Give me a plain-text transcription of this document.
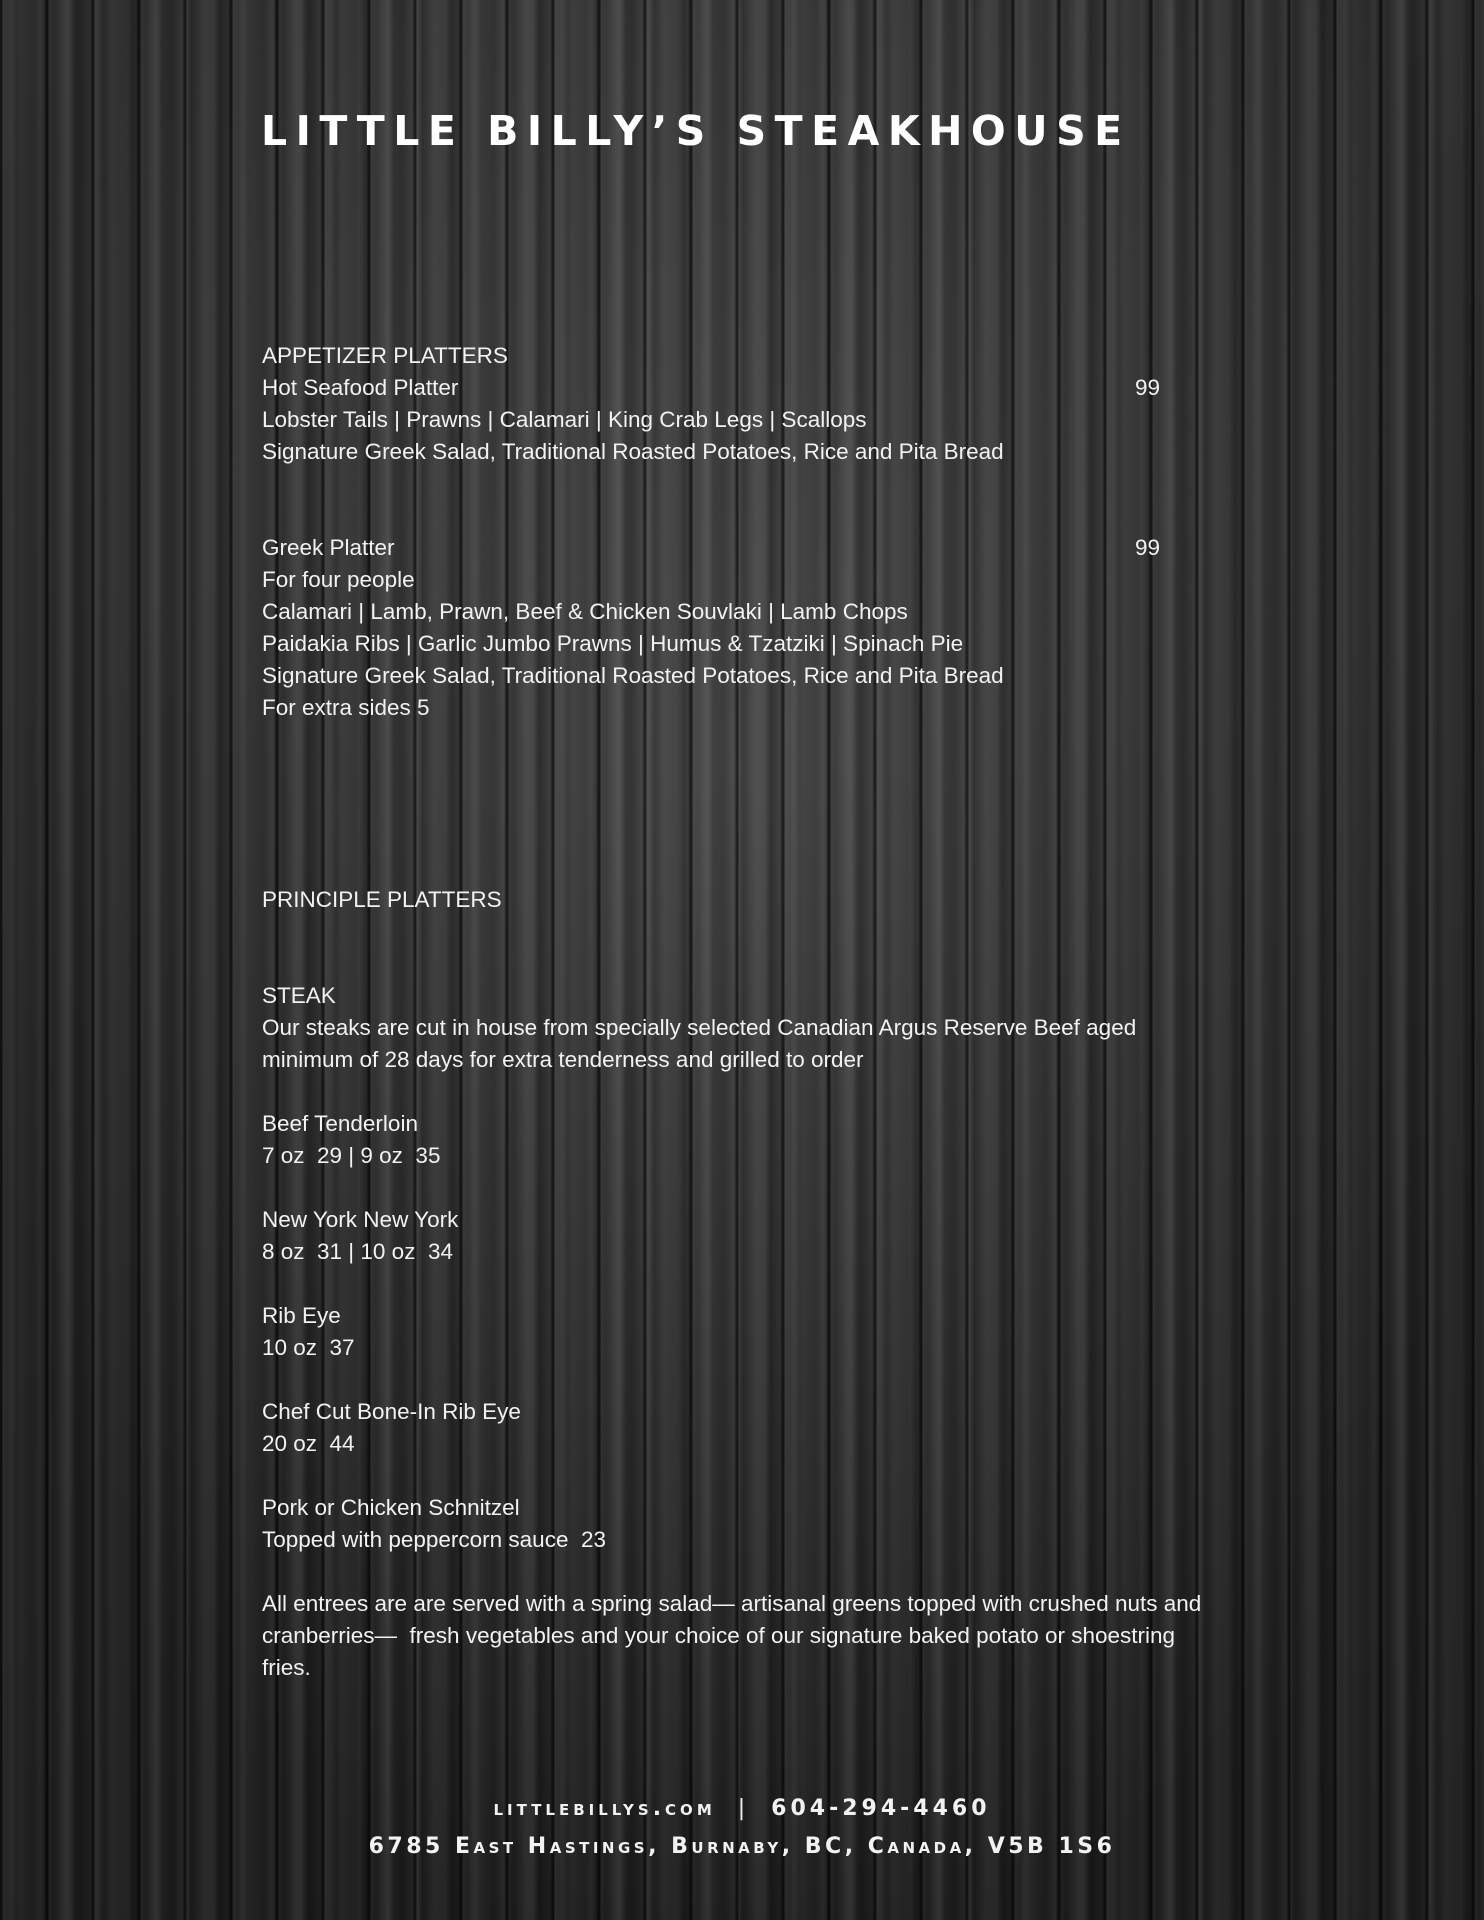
LITTLE BILLY’S STEAKHOUSE
APPETIZER PLATTERS
Hot Seafood Platter	99
Lobster Tails | Prawns | Calamari | King Crab Legs | Scallops
Signature Greek Salad, Traditional Roasted Potatoes, Rice and Pita Bread
Greek Platter	99
For four people
Calamari | Lamb, Prawn, Beef & Chicken Souvlaki | Lamb Chops
Paidakia Ribs | Garlic Jumbo Prawns | Humus & Tzatziki | Spinach Pie
Signature Greek Salad, Traditional Roasted Potatoes, Rice and Pita Bread
For extra sides 5
PRINCIPLE PLATTERS
STEAK
Our steaks are cut in house from specially selected Canadian Argus Reserve Beef aged minimum of 28 days for extra tenderness and grilled to order
Beef Tenderloin
7 oz  29 | 9 oz  35
New York New York
8 oz  31 | 10 oz  34
Rib Eye
10 oz  37
Chef Cut Bone-In Rib Eye
20 oz  44
Pork or Chicken Schnitzel
Topped with peppercorn sauce  23
All entrees are are served with a spring salad— artisanal greens topped with crushed nuts and cranberries—  fresh vegetables and your choice of our signature baked potato or shoestring fries.
littlebillys.com | 604-294-4460
6785 East Hastings, Burnaby, BC, Canada, V5B 1S6
